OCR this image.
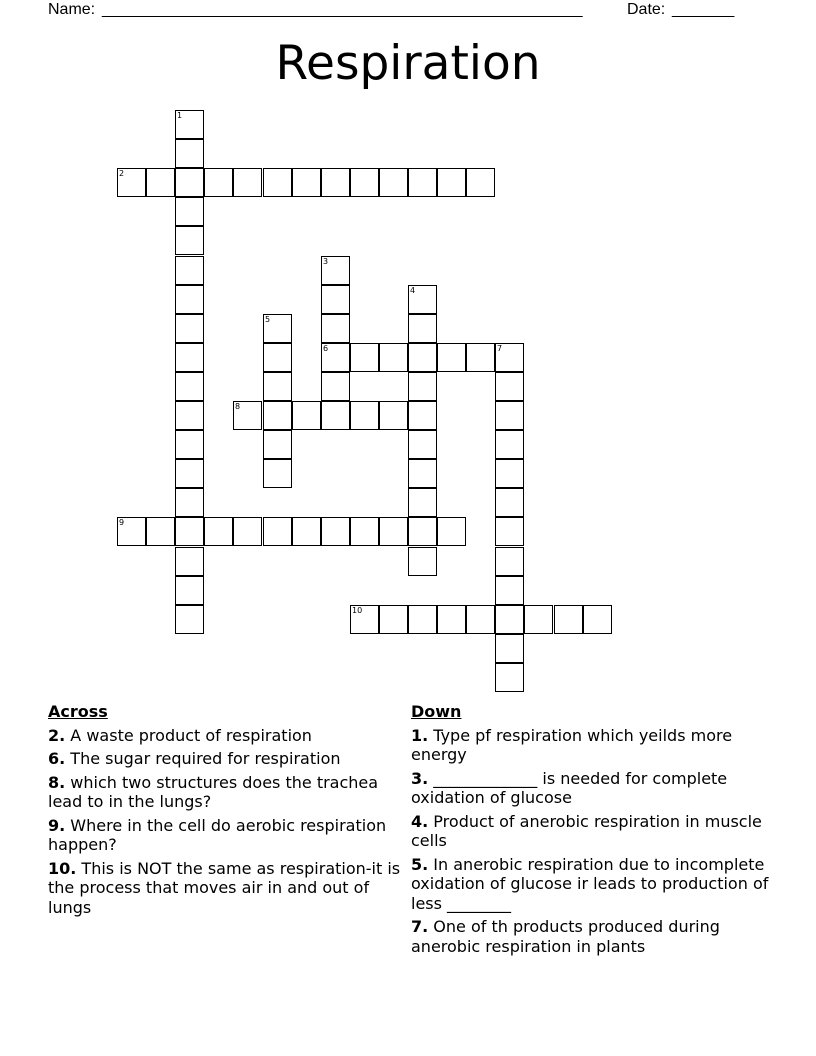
Name: ______________________________________________________	Date: _______
Respiration
1
2
3
6
4
5
7
8
9
10
Across
2. A waste product of respiration
6. The sugar required for respiration
8. which two structures does the trachea lead to in the lungs?
9. Where in the cell do aerobic respiration happen?
10. This is NOT the same as respiration-it is the process that moves air in and out of lungs
Down
1. Type pf respiration which yeilds more energy
3. _____________ is needed for complete oxidation of glucose
4. Product of anerobic respiration in muscle cells
5. In anerobic respiration due to incomplete oxidation of glucose ir leads to production of less ________
7. One of th products produced during anerobic respiration in plants
